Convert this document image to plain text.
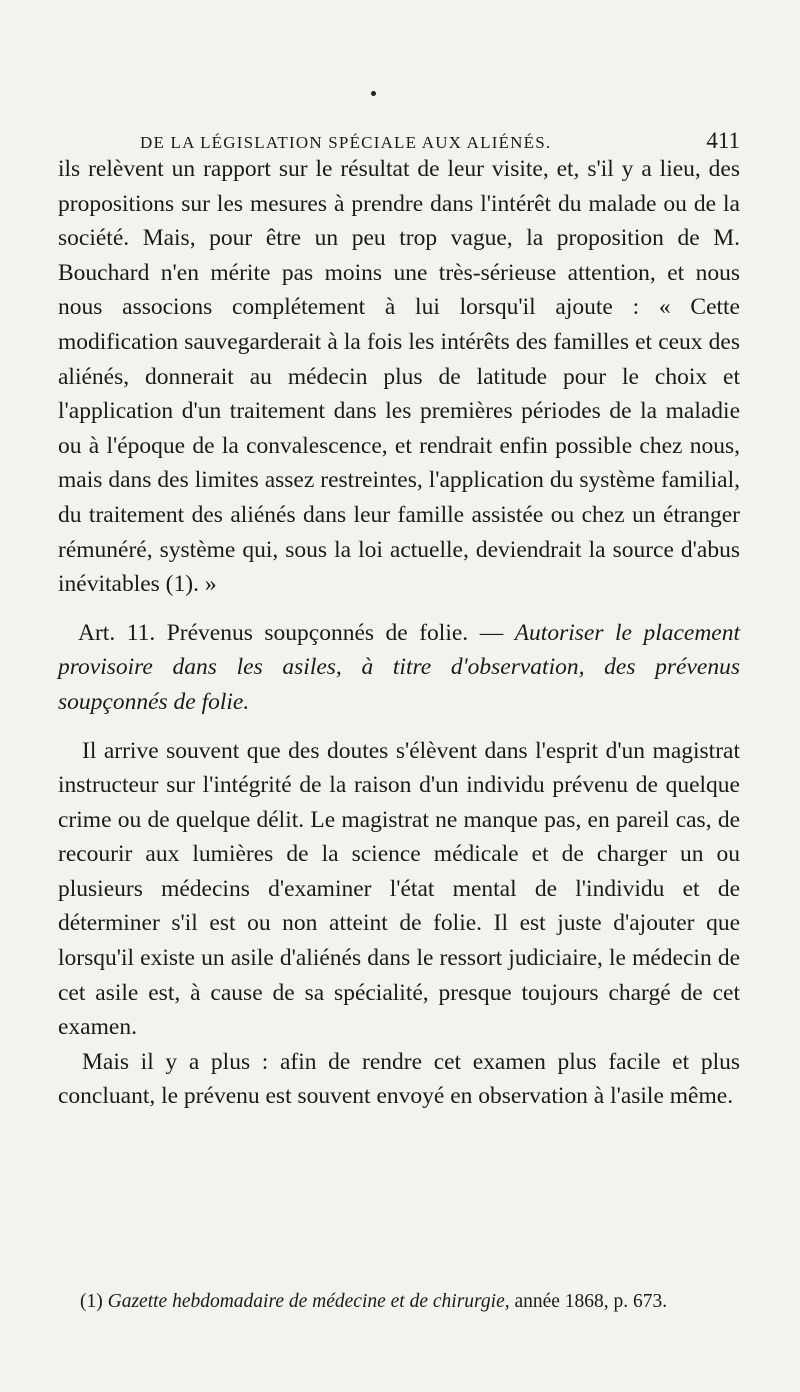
DE LA LÉGISLATION SPÉCIALE AUX ALIÉNÉS.	411

ils relèvent un rapport sur le résultat de leur visite, et, s'il y a lieu, des propositions sur les mesures à prendre dans l'intérêt du malade ou de la société. Mais, pour être un peu trop vague, la proposition de M. Bouchard n'en mérite pas moins une très-sérieuse attention, et nous nous associons complétement à lui lorsqu'il ajoute : « Cette modification sauvegarderait à la fois les intérêts des familles et ceux des aliénés, donnerait au médecin plus de latitude pour le choix et l'application d'un traitement dans les premières périodes de la maladie ou à l'époque de la convalescence, et rendrait enfin possible chez nous, mais dans des limites assez restreintes, l'application du système familial, du traitement des aliénés dans leur famille assistée ou chez un étranger rémunéré, système qui, sous la loi actuelle, deviendrait la source d'abus inévitables (1). »

Art. 11. Prévenus soupçonnés de folie. — Autoriser le placement provisoire dans les asiles, à titre d'observation, des prévenus soupçonnés de folie.

Il arrive souvent que des doutes s'élèvent dans l'esprit d'un magistrat instructeur sur l'intégrité de la raison d'un individu prévenu de quelque crime ou de quelque délit. Le magistrat ne manque pas, en pareil cas, de recourir aux lumières de la science médicale et de charger un ou plusieurs médecins d'examiner l'état mental de l'individu et de déterminer s'il est ou non atteint de folie. Il est juste d'ajouter que lorsqu'il existe un asile d'aliénés dans le ressort judiciaire, le médecin de cet asile est, à cause de sa spécialité, presque toujours chargé de cet examen.

Mais il y a plus : afin de rendre cet examen plus facile et plus concluant, le prévenu est souvent envoyé en observation à l'asile même.

(1) Gazette hebdomadaire de médecine et de chirurgie, année 1868, p. 673.
